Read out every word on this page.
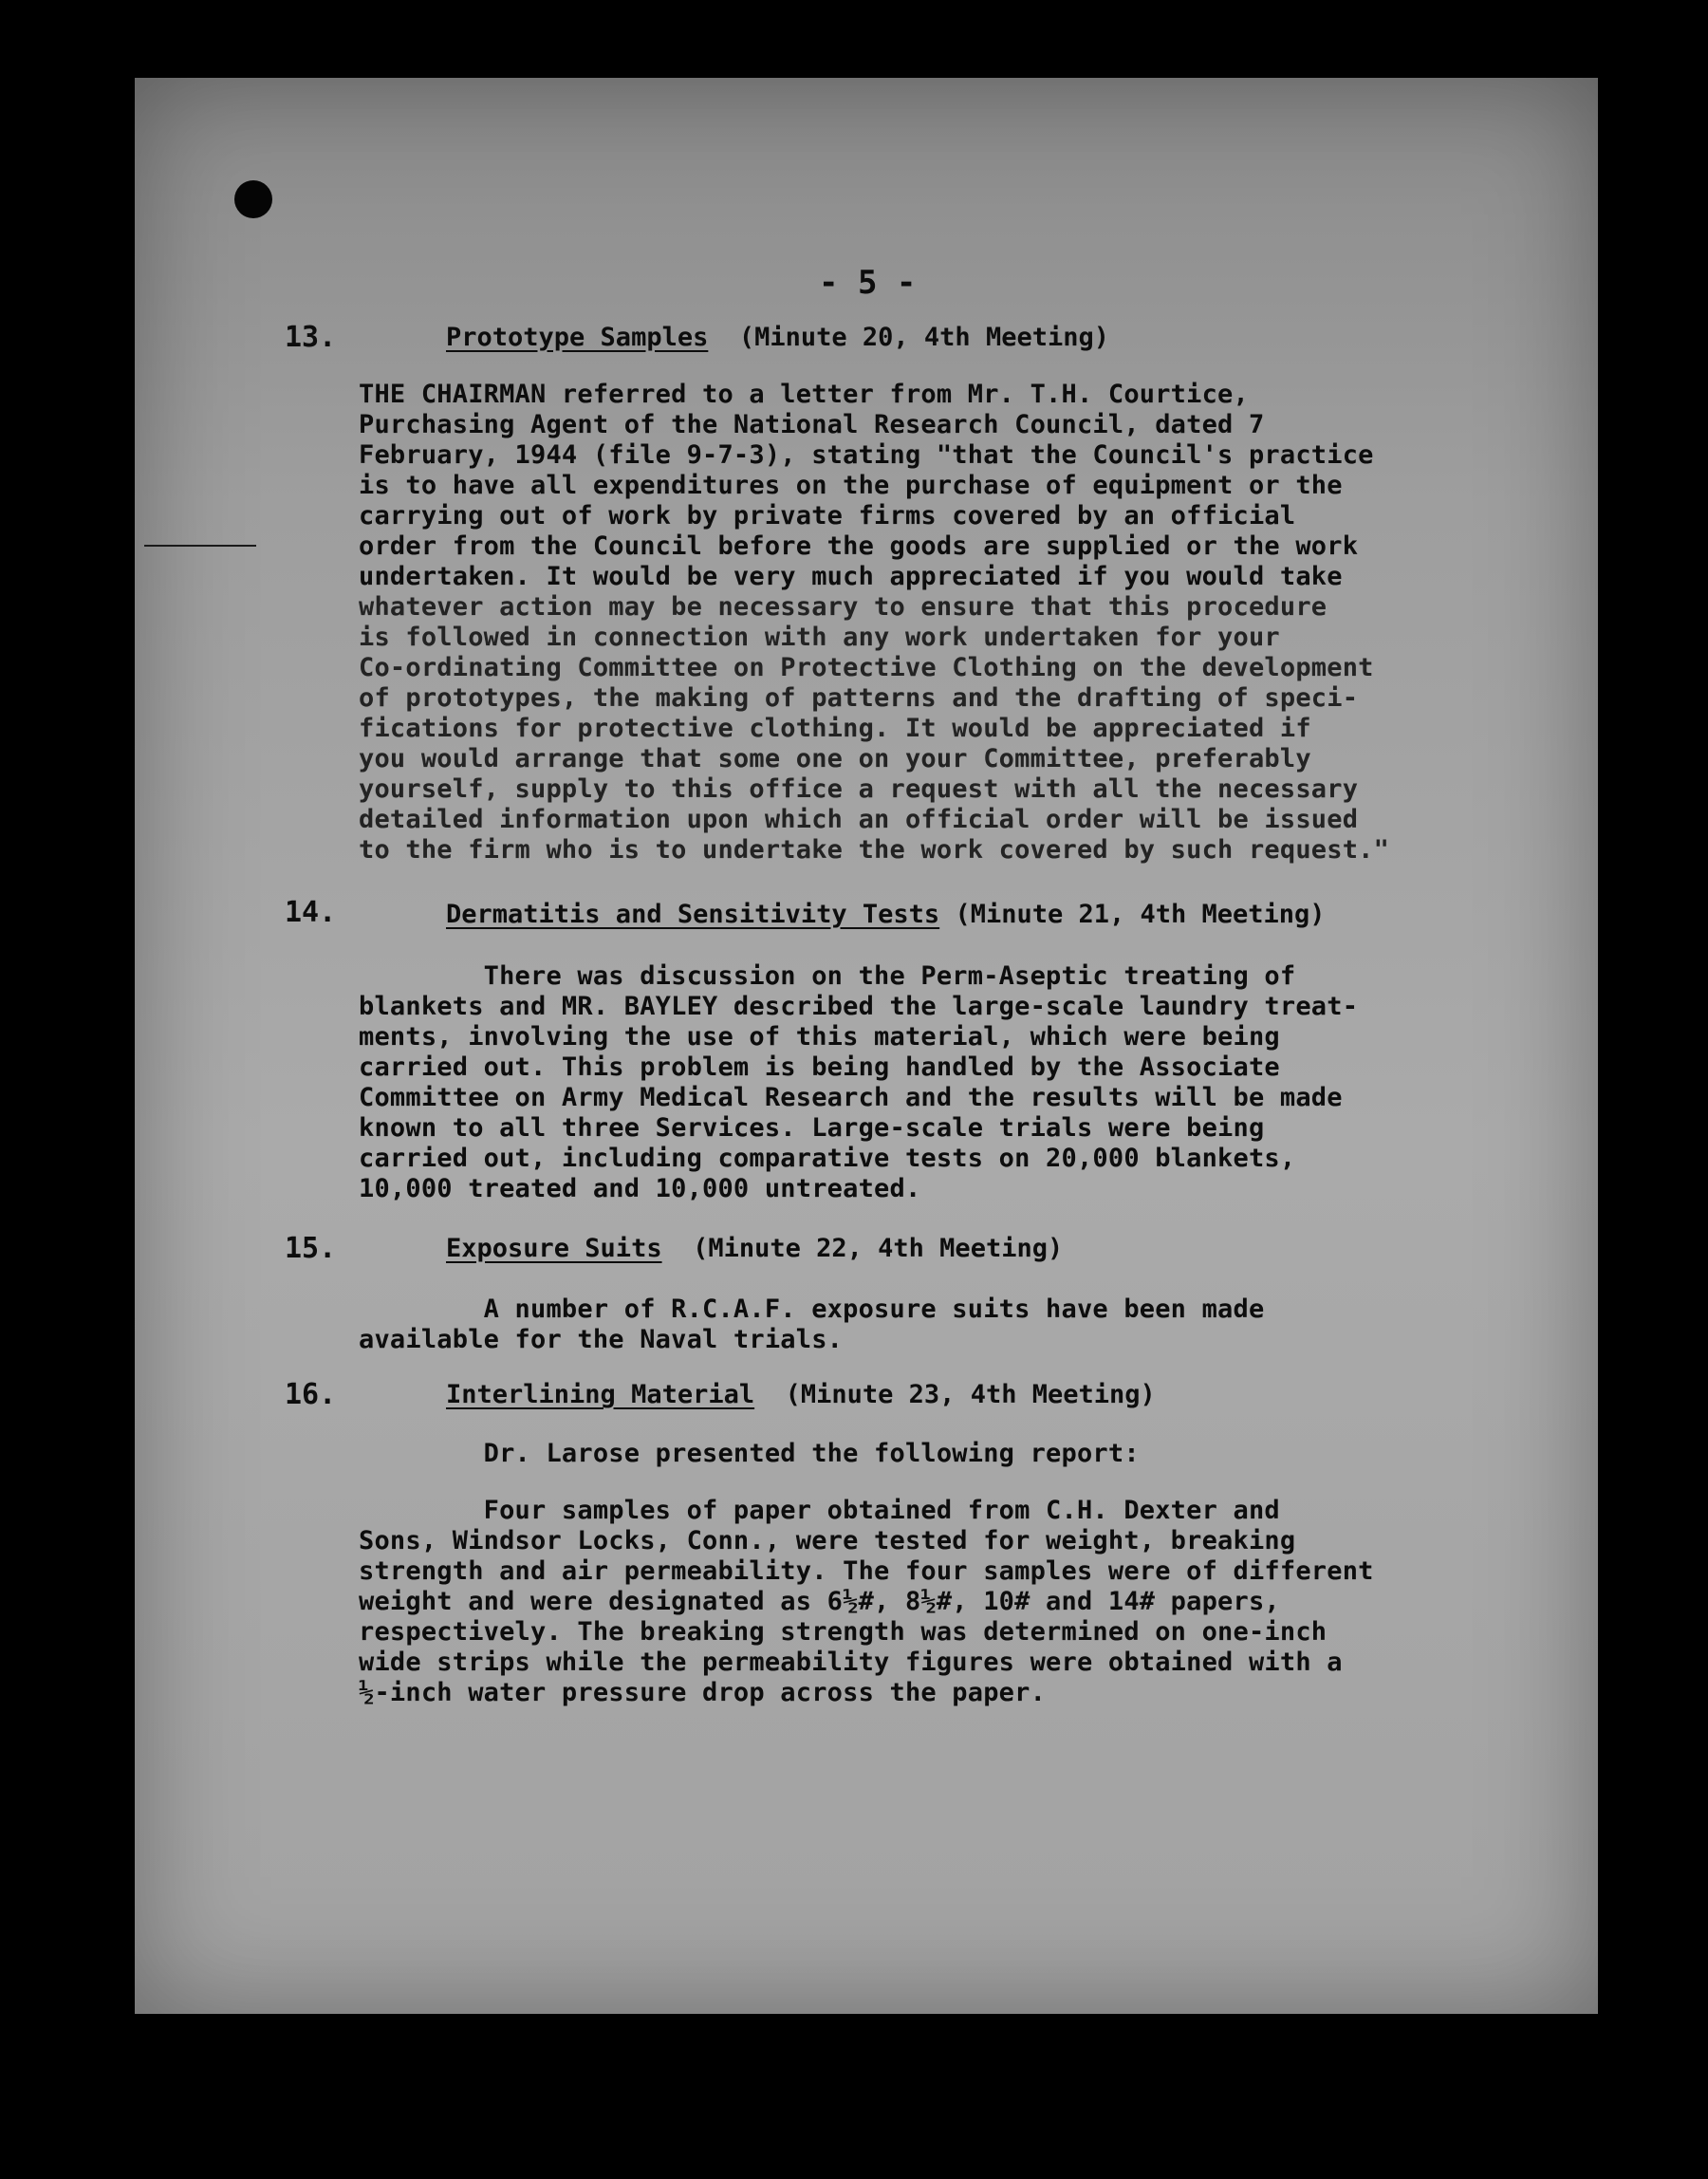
- 5 -
13.	Prototype Samples (Minute 20, 4th Meeting)
THE CHAIRMAN referred to a letter from Mr. T.H. Courtice,
Purchasing Agent of the National Research Council, dated 7
February, 1944 (file 9-7-3), stating "that the Council's practice
is to have all expenditures on the purchase of equipment or the
carrying out of work by private firms covered by an official
order from the Council before the goods are supplied or the work
undertaken. It would be very much appreciated if you would take
whatever action may be necessary to ensure that this procedure
is followed in connection with any work undertaken for your
Co-ordinating Committee on Protective Clothing on the development
of prototypes, the making of patterns and the drafting of speci-
fications for protective clothing. It would be appreciated if
you would arrange that some one on your Committee, preferably
yourself, supply to this office a request with all the necessary
detailed information upon which an official order will be issued
to the firm who is to undertake the work covered by such request."
14.	Dermatitis and Sensitivity Tests (Minute 21, 4th Meeting)
There was discussion on the Perm-Aseptic treating of
blankets and MR. BAYLEY described the large-scale laundry treat-
ments, involving the use of this material, which were being
carried out. This problem is being handled by the Associate
Committee on Army Medical Research and the results will be made
known to all three Services. Large-scale trials were being
carried out, including comparative tests on 20,000 blankets,
10,000 treated and 10,000 untreated.
15.	Exposure Suits (Minute 22, 4th Meeting)
A number of R.C.A.F. exposure suits have been made
available for the Naval trials.
16.	Interlining Material (Minute 23, 4th Meeting)
Dr. Larose presented the following report:
Four samples of paper obtained from C.H. Dexter and
Sons, Windsor Locks, Conn., were tested for weight, breaking
strength and air permeability. The four samples were of different
weight and were designated as 6½#, 8½#, 10# and 14# papers,
respectively. The breaking strength was determined on one-inch
wide strips while the permeability figures were obtained with a
½-inch water pressure drop across the paper.
